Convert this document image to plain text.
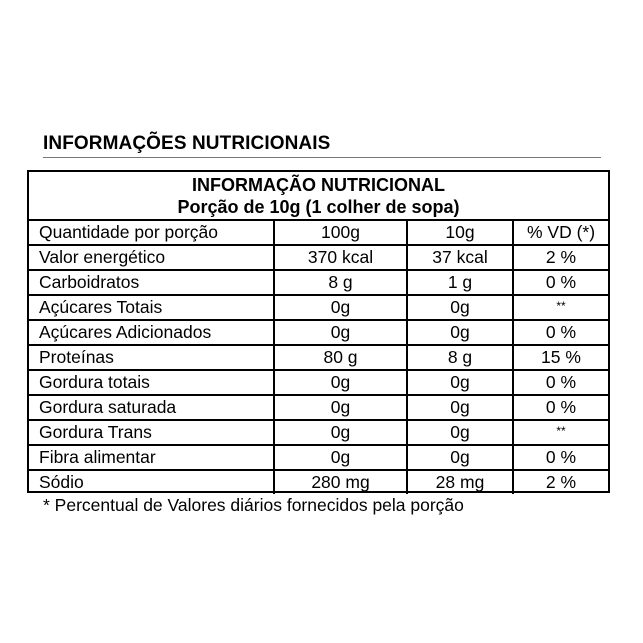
INFORMAÇÕES NUTRICIONAIS
INFORMAÇÃO NUTRICIONAL
Porção de 10g (1 colher de sopa)
Quantidade por porção	100g	10g	% VD (*)
Valor energético	370 kcal	37 kcal	2 %
Carboidratos	8 g	1 g	0 %
Açúcares Totais	0g	0g	**
Açúcares Adicionados	0g	0g	0 %
Proteínas	80 g	8 g	15 %
Gordura totais	0g	0g	0 %
Gordura saturada	0g	0g	0 %
Gordura Trans	0g	0g	**
Fibra alimentar	0g	0g	0 %
Sódio	280 mg	28 mg	2 %
* Percentual de Valores diários fornecidos pela porção
